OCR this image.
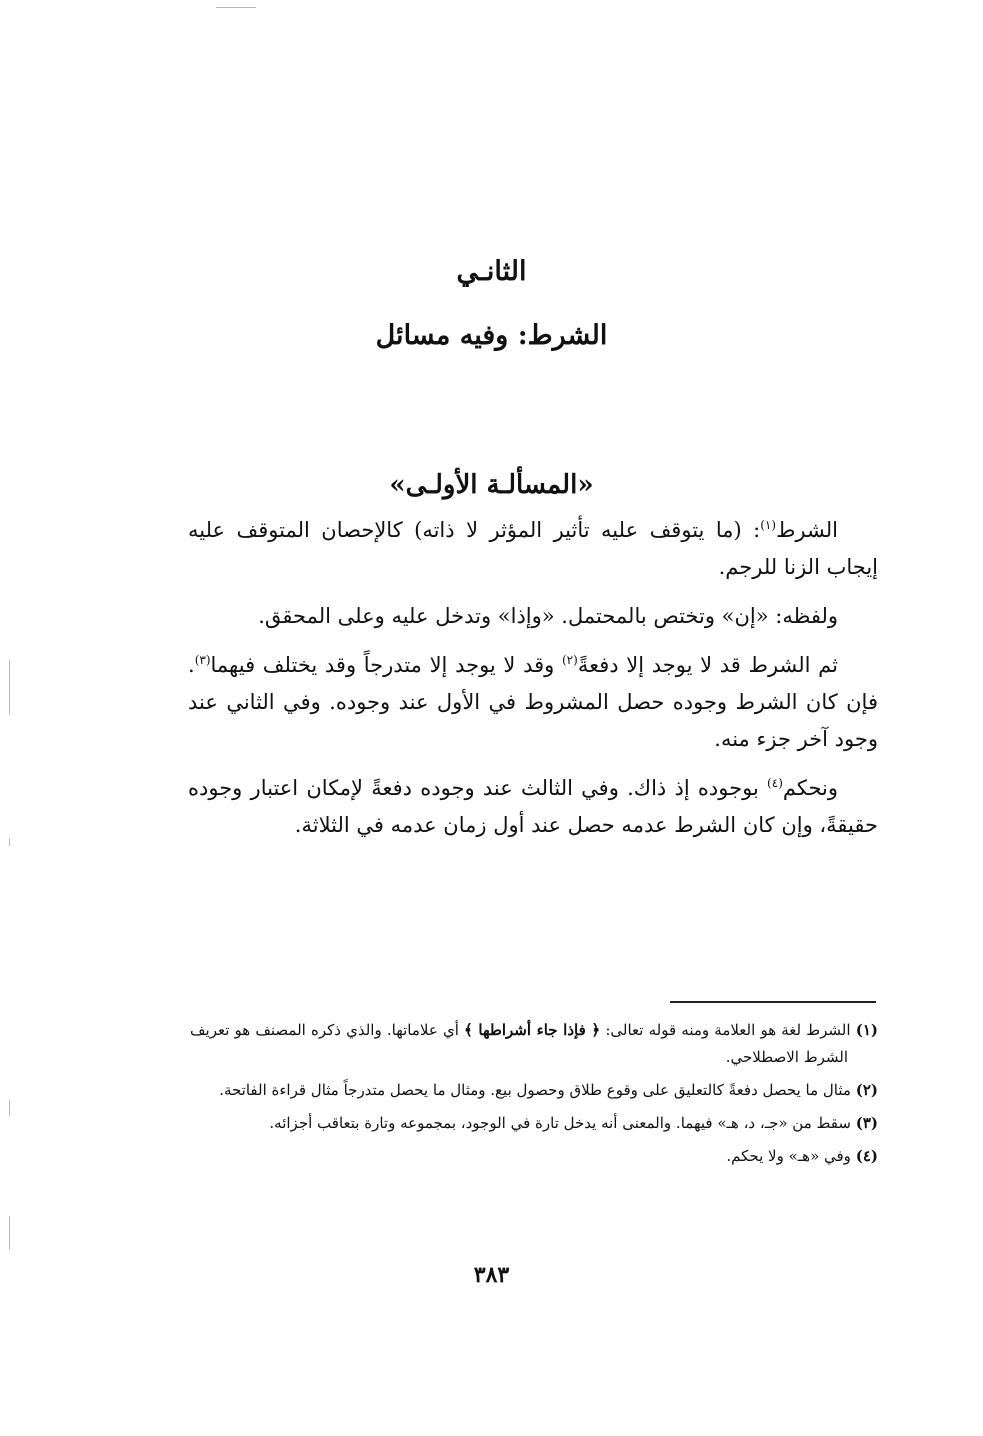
الثانـي
الشرط: وفيه مسائل
«المسألـة الأولـى»

الشرط$^{(١)}$: (ما يتوقف عليه تأثير المؤثر لا ذاته) كالإحصان المتوقف عليه إيجاب الزنا للرجم.

ولفظه: «إن» وتختص بالمحتمل. «وإذا» وتدخل عليه وعلى المحقق.

ثم الشرط قد لا يوجد إلا دفعةً$^{(٢)}$ وقد لا يوجد إلا متدرجاً وقد يختلف فيهما$^{(٣)}$. فإن كان الشرط وجوده حصل المشروط في الأول عند وجوده. وفي الثاني عند وجود آخر جزء منه.

ونحكم$^{(٤)}$ بوجوده إذ ذاك. وفي الثالث عند وجوده دفعةً لإمكان اعتبار وجوده حقيقةً، وإن كان الشرط عدمه حصل عند أول زمان عدمه في الثلاثة.

(١) الشرط لغة هو العلامة ومنه قوله تعالى: ﴿ فإذا جاء أشراطها ﴾ أي علاماتها. والذي ذكره المصنف هو تعريف الشرط الاصطلاحي.
(٢) مثال ما يحصل دفعةً كالتعليق على وقوع طلاق وحصول بيع. ومثال ما يحصل متدرجاً مثال قراءة الفاتحة.
(٣) سقط من «جـ، د، هـ» فيهما. والمعنى أنه يدخل تارة في الوجود، بمجموعه وتارة بتعاقب أجزائه.
(٤) وفي «هـ» ولا يحكم.
٣٨٣
